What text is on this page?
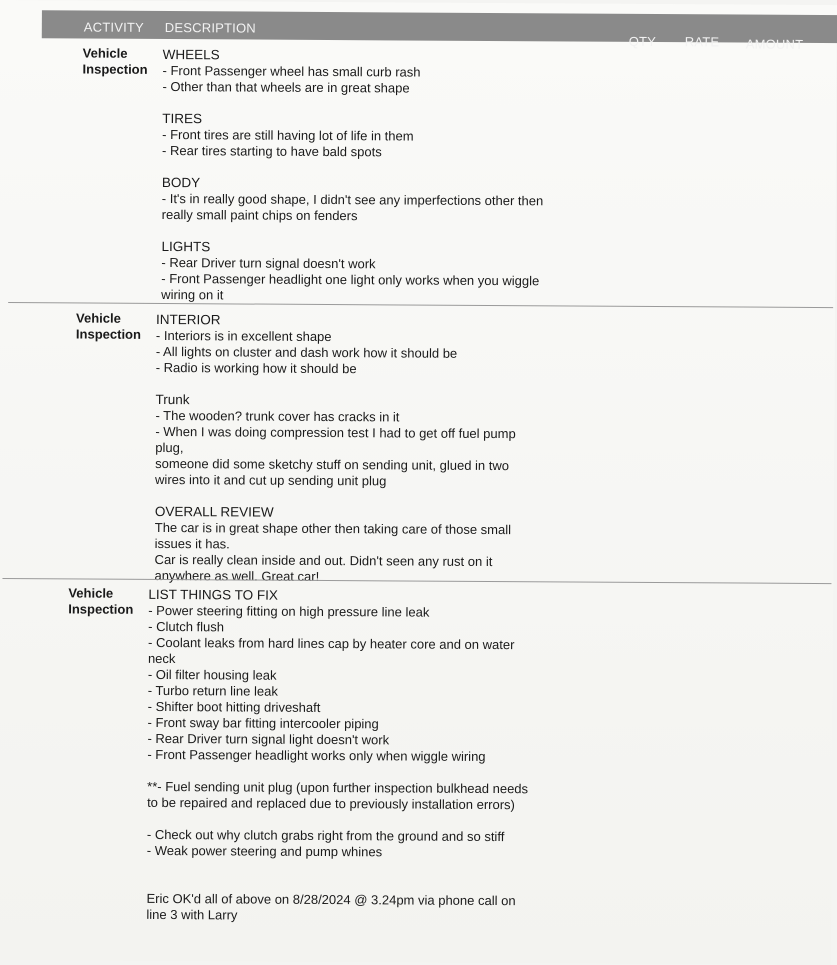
ACTIVITY DESCRIPTION
QTY RATE AMOUNT
Vehicle Inspection
WHEELS
- Front Passenger wheel has small curb rash
- Other than that wheels are in great shape
TIRES
- Front tires are still having lot of life in them
- Rear tires starting to have bald spots
BODY
- It's in really good shape, I didn't see any imperfections other then
really small paint chips on fenders
LIGHTS
- Rear Driver turn signal doesn't work
- Front Passenger headlight one light only works when you wiggle
wiring on it
Vehicle Inspection
INTERIOR
- Interiors is in excellent shape
- All lights on cluster and dash work how it should be
- Radio is working how it should be
Trunk
- The wooden? trunk cover has cracks in it
- When I was doing compression test I had to get off fuel pump
plug,
someone did some sketchy stuff on sending unit, glued in two
wires into it and cut up sending unit plug
OVERALL REVIEW
The car is in great shape other then taking care of those small
issues it has.
Car is really clean inside and out. Didn't seen any rust on it
anywhere as well. Great car!
Vehicle Inspection
LIST THINGS TO FIX
- Power steering fitting on high pressure line leak
- Clutch flush
- Coolant leaks from hard lines cap by heater core and on water
neck
- Oil filter housing leak
- Turbo return line leak
- Shifter boot hitting driveshaft
- Front sway bar fitting intercooler piping
- Rear Driver turn signal light doesn't work
- Front Passenger headlight works only when wiggle wiring
**- Fuel sending unit plug (upon further inspection bulkhead needs
to be repaired and replaced due to previously installation errors)
- Check out why clutch grabs right from the ground and so stiff
- Weak power steering and pump whines
Eric OK'd all of above on 8/28/2024 @ 3.24pm via phone call on
line 3 with Larry
